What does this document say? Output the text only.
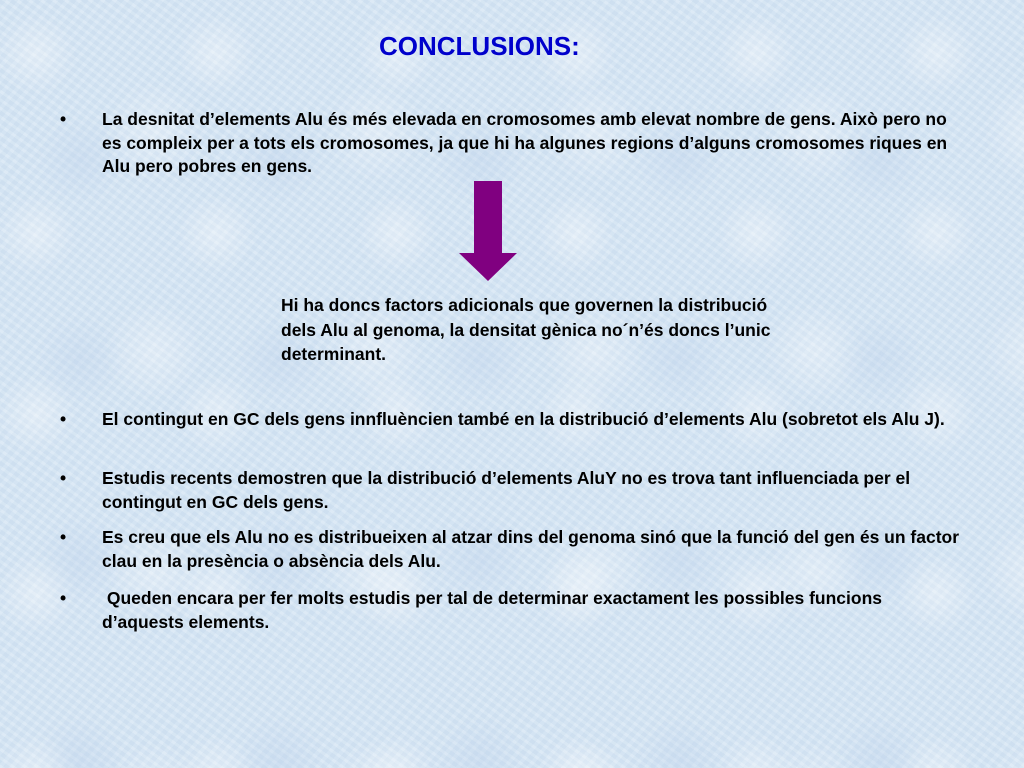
CONCLUSIONS:
• La desnitat d’elements Alu és més elevada en cromosomes amb elevat nombre de gens. Això pero no es compleix per a tots els cromosomes, ja que hi ha algunes regions d’alguns cromosomes riques en Alu pero pobres en gens.
Hi ha doncs factors adicionals que governen la distribució dels Alu al genoma, la densitat gènica no´n’és doncs l’unic determinant.
• El contingut en GC dels gens innfluèncien també en la distribució d’elements Alu (sobretot els Alu J).
• Estudis recents demostren que la distribució d’elements AluY no es trova tant influenciada per el contingut en GC dels gens.
• Es creu que els Alu no es distribueixen al atzar dins del genoma sinó que la funció del gen és un factor clau en la presència o absència dels Alu.
• Queden encara per fer molts estudis per tal de determinar exactament les possibles funcions d’aquests elements.
